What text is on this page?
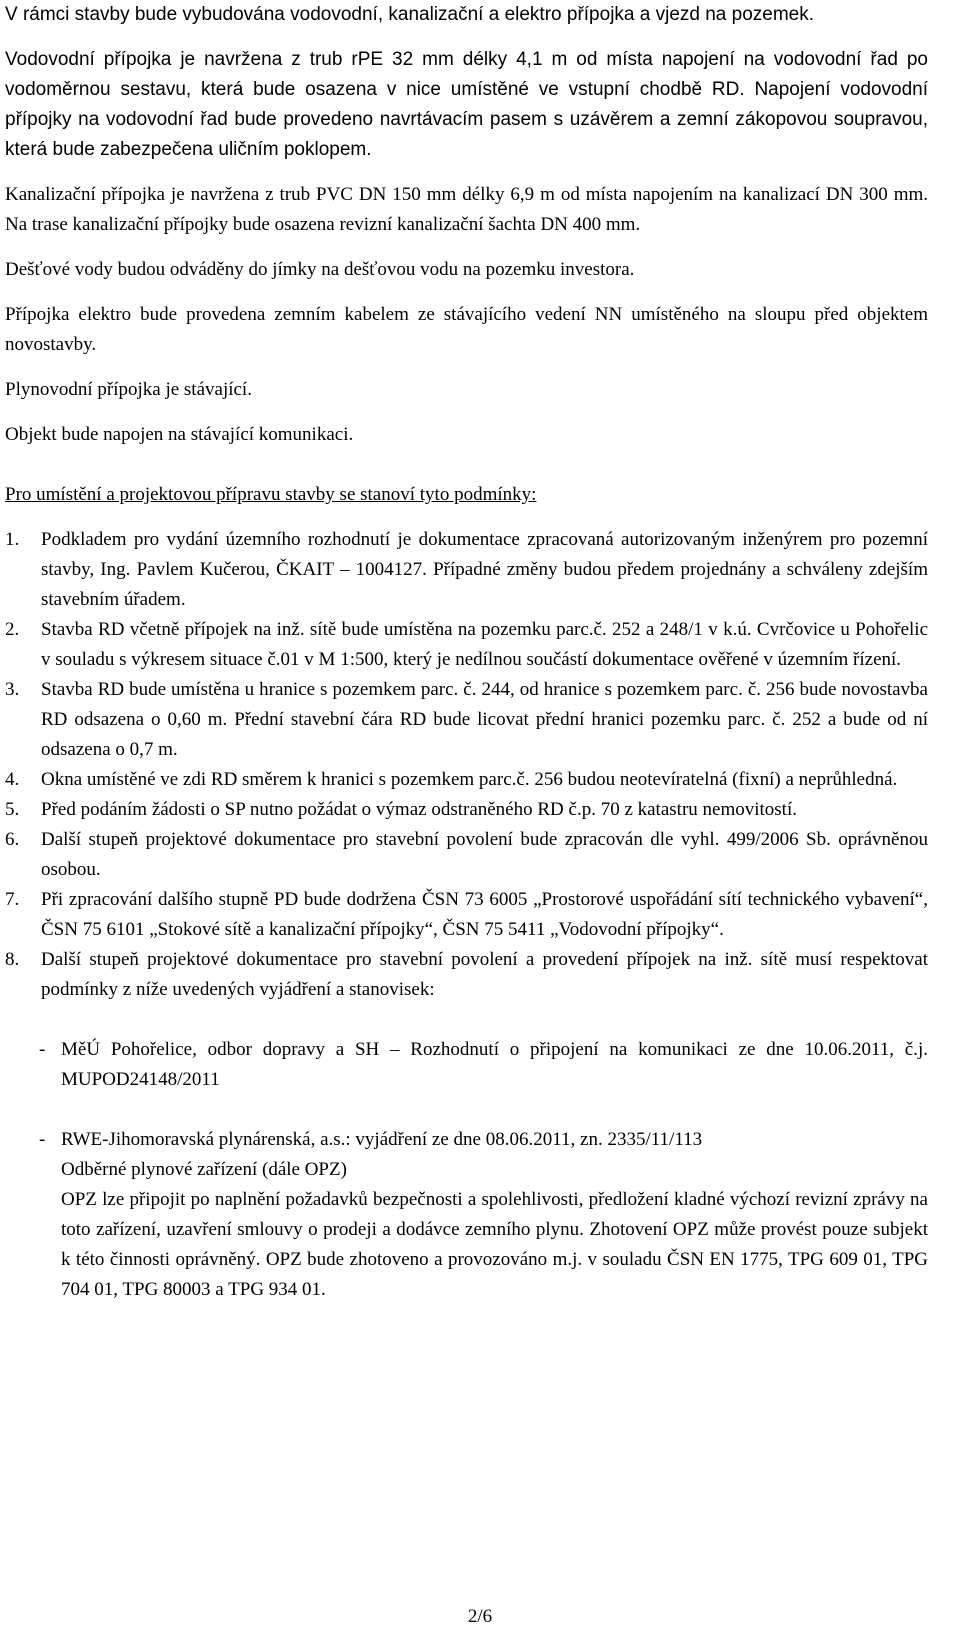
V rámci stavby bude vybudována vodovodní, kanalizační a elektro přípojka a vjezd na pozemek.

Vodovodní přípojka je navržena z trub rPE 32 mm délky 4,1 m od místa napojení na vodovodní řad po vodoměrnou sestavu, která bude osazena v nice umístěné ve vstupní chodbě RD. Napojení vodovodní přípojky na vodovodní řad bude provedeno navrtávacím pasem s uzávěrem a zemní zákopovou soupravou, která bude zabezpečena uličním poklopem.

Kanalizační přípojka je navržena z trub PVC DN 150 mm délky 6,9 m od místa napojením na kanalizací DN 300 mm. Na trase kanalizační přípojky bude osazena revizní kanalizační šachta DN 400 mm.

Dešťové vody budou odváděny do jímky na dešťovou vodu na pozemku investora.

Přípojka elektro bude provedena zemním kabelem ze stávajícího vedení NN umístěného na sloupu před objektem novostavby.

Plynovodní přípojka je stávající.

Objekt bude napojen na stávající komunikaci.

Pro umístění a projektovou přípravu stavby se stanoví tyto podmínky:

1. Podkladem pro vydání územního rozhodnutí je dokumentace zpracovaná autorizovaným inženýrem pro pozemní stavby, Ing. Pavlem Kučerou, ČKAIT – 1004127. Případné změny budou předem projednány a schváleny zdejším stavebním úřadem.
2. Stavba RD včetně přípojek na inž. sítě bude umístěna na pozemku parc.č. 252 a 248/1 v k.ú. Cvrčovice u Pohořelic v souladu s výkresem situace č.01 v M 1:500, který je nedílnou součástí dokumentace ověřené v územním řízení.
3. Stavba RD bude umístěna u hranice s pozemkem parc. č. 244, od hranice s pozemkem parc. č. 256 bude novostavba RD odsazena o 0,60 m. Přední stavební čára RD bude licovat přední hranici pozemku parc. č. 252 a bude od ní odsazena o 0,7 m.
4. Okna umístěné ve zdi RD směrem k hranici s pozemkem parc.č. 256 budou neotevíratelná (fixní) a neprůhledná.
5. Před podáním žádosti o SP nutno požádat o výmaz odstraněného RD č.p. 70 z katastru nemovitostí.
6. Další stupeň projektové dokumentace pro stavební povolení bude zpracován dle vyhl. 499/2006 Sb. oprávněnou osobou.
7. Při zpracování dalšího stupně PD bude dodržena ČSN 73 6005 „Prostorové uspořádání sítí technického vybavení“, ČSN 75 6101 „Stokové sítě a kanalizační přípojky“, ČSN 75 5411 „Vodovodní přípojky“.
8. Další stupeň projektové dokumentace pro stavební povolení a provedení přípojek na inž. sítě musí respektovat podmínky z níže uvedených vyjádření a stanovisek:
- MěÚ Pohořelice, odbor dopravy a SH – Rozhodnutí o připojení na komunikaci ze dne 10.06.2011, č.j. MUPOD24148/2011
- RWE-Jihomoravská plynárenská, a.s.: vyjádření ze dne 08.06.2011, zn. 2335/11/113
Odběrné plynové zařízení (dále OPZ)
OPZ lze připojit po naplnění požadavků bezpečnosti a spolehlivosti, předložení kladné výchozí revizní zprávy na toto zařízení, uzavření smlouvy o prodeji a dodávce zemního plynu. Zhotovení OPZ může provést pouze subjekt k této činnosti oprávněný. OPZ bude zhotoveno a provozováno m.j. v souladu ČSN EN 1775, TPG 609 01, TPG 704 01, TPG 80003 a TPG 934 01.
2/6
